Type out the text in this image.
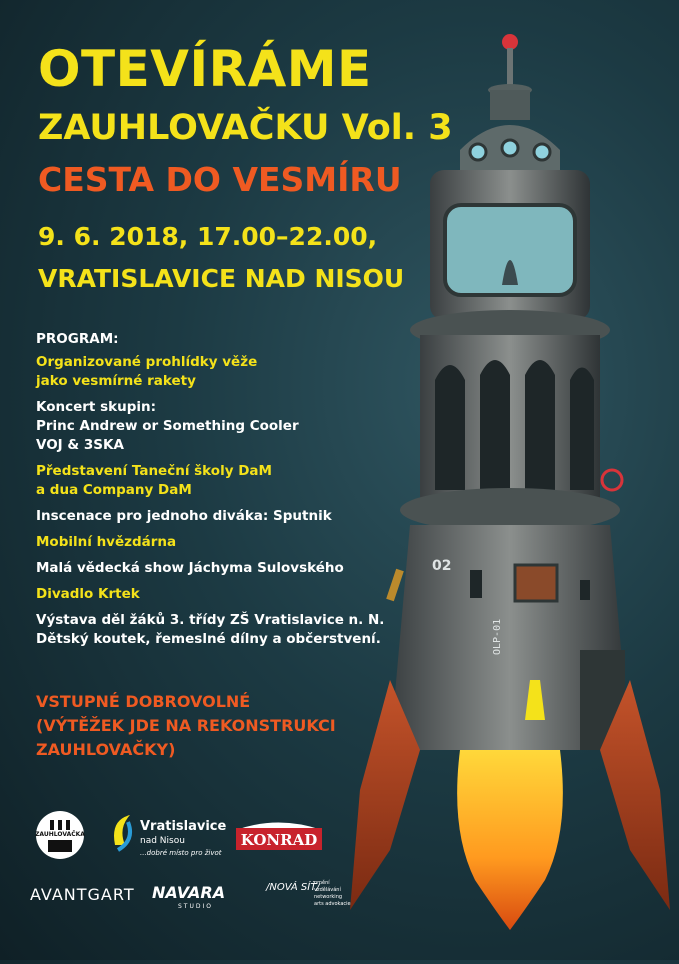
OTEVÍRÁME
ZAUHLOVAČKU Vol. 3
CESTA DO VESMÍRU
9. 6. 2018, 17.00–22.00,
VRATISLAVICE NAD NISOU
PROGRAM:
Organizované prohlídky věže
jako vesmírné rakety
Koncert skupin:
Princ Andrew or Something Cooler
VOJ & 3SKA
Představení Taneční školy DaM
a dua Company DaM
Inscenace pro jednoho diváka: Sputnik
Mobilní hvězdárna
Malá vědecká show Jáchyma Sulovského
Divadlo Krtek
Výstava děl žáků 3. třídy ZŠ Vratislavice n. N.
Dětský koutek, řemeslné dílny a občerstvení.
VSTUPNÉ DOBROVOLNÉ
(VÝTĚŽEK JDE NA REKONSTRUKCI
ZAUHLOVAČKY)
02
OLP-01
ZAUHLOVAČKA
Vratislavice
nad Nisou
...dobré místo pro život
KONRAD
AVANTGART NAVARA
STUDIO
/NOVÁ SÍŤ/
umění
vzdělávání
networking
arts advokacie
